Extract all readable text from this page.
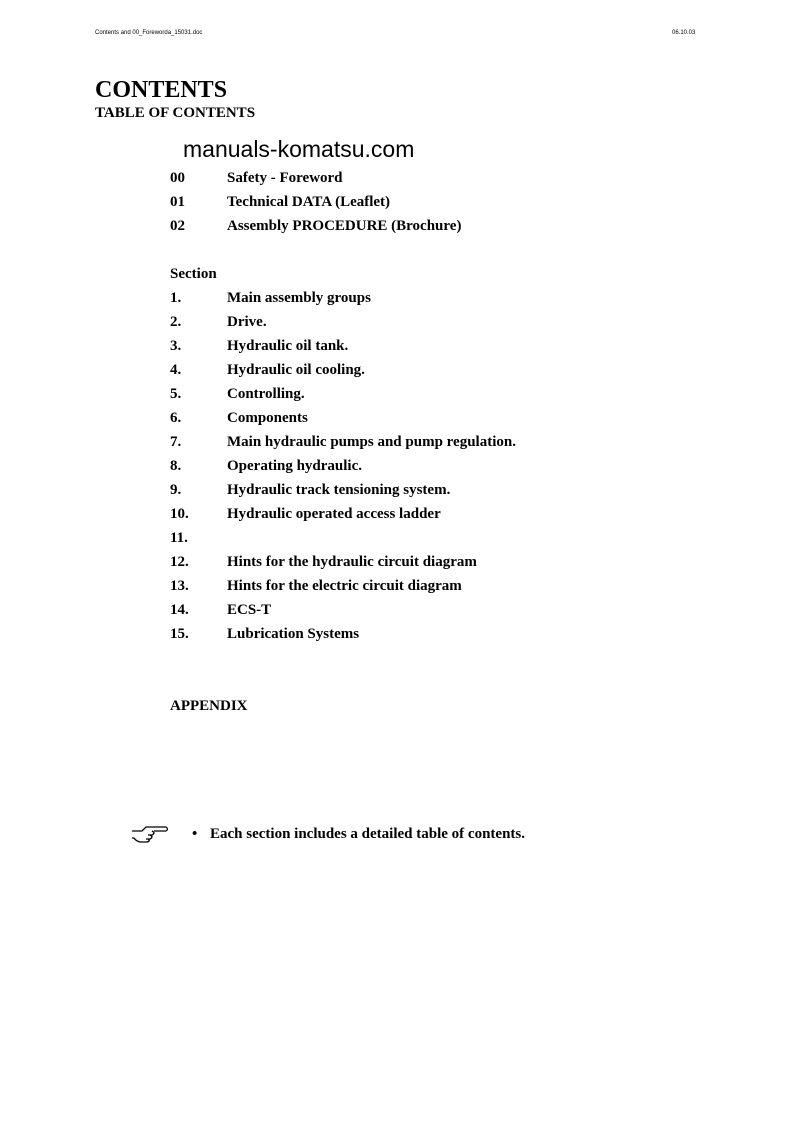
Contents and 00_Foreworda_15031.doc	06.10.03
CONTENTS
TABLE OF CONTENTS
manuals-komatsu.com
00	Safety - Foreword
01	Technical DATA (Leaflet)
02	Assembly PROCEDURE (Brochure)
Section
1.	Main assembly groups
2.	Drive.
3.	Hydraulic oil tank.
4.	Hydraulic oil cooling.
5.	Controlling.
6.	Components
7.	Main hydraulic pumps and pump regulation.
8.	Operating hydraulic.
9.	Hydraulic track tensioning system.
10.	Hydraulic operated access ladder
11.
12.	Hints for the hydraulic circuit diagram
13.	Hints for the electric circuit diagram
14.	ECS-T
15.	Lubrication Systems
APPENDIX
• Each section includes a detailed table of contents.
